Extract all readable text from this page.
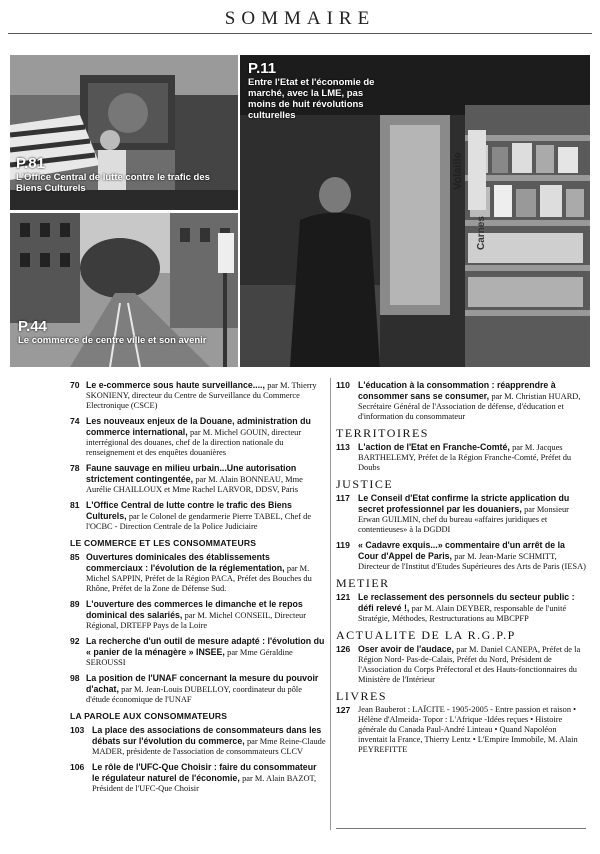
SOMMAIRE
P.81
L'Office Central de lutte contre le trafic des Biens Culturels	Volaille
Carnes
P.11
Entre l'Etat et l'économie de marché, avec la LME, pas moins de huit révolutions culturelles
P.44
Le commerce de centre ville et son avenir
70 Le e-commerce sous haute surveillance...., par M. Thierry SKONIENY, directeur du Centre de Surveillance du Commerce Electronique (CSCE)
74 Les nouveaux enjeux de la Douane, administration du commerce international, par M. Michel GOUIN, directeur interrégional des douanes, chef de la direction nationale du renseignement et des enquêtes douanières
78 Faune sauvage en milieu urbain...Une autorisation strictement contingentée, par M. Alain BONNEAU, Mme Aurélie CHAILLOUX et Mme Rachel LARVOR, DDSV, Paris
81 L'Office Central de lutte contre le trafic des Biens Culturels, par le Colonel de gendarmerie Pierre TABEL, Chef de l'OCBC - Direction Centrale de la Police Judiciaire
LE COMMERCE ET LES CONSOMMATEURS
85 Ouvertures dominicales des établissements commerciaux : l'évolution de la réglementation, par M. Michel SAPPIN, Préfet de la Région PACA, Préfet des Bouches du Rhône, Préfet de la Zone de Défense Sud.
89 L'ouverture des commerces le dimanche et le repos dominical des salariés, par M. Michel CONSEIL, Directeur Régional, DRTEFP Pays de la Loire
92 La recherche d'un outil de mesure adapté : l'évolution du « panier de la ménagère » INSEE, par Mme Géraldine SEROUSSI
98 La position de l'UNAF concernant la mesure du pouvoir d'achat, par M. Jean-Louis DUBELLOY, coordinateur du pôle d'étude économique de l'UNAF
LA PAROLE AUX CONSOMMATEURS
103 La place des associations de consommateurs dans les débats sur l'évolution du commerce, par Mme Reine-Claude MADER, présidente de l'association de consommateurs CLCV
106 Le rôle de l'UFC-Que Choisir : faire du consommateur le régulateur naturel de l'économie, par M. Alain BAZOT, Président de l'UFC-Que Choisir
110 L'éducation à la consommation : réapprendre à consommer sans se consumer, par M. Christian HUARD, Secrétaire Général de l'Association de défense, d'éducation et d'information du consommateur
TERRITOIRES
113 L'action de l'Etat en Franche-Comté, par M. Jacques BARTHELEMY, Préfet de la Région Franche-Comté, Préfet du Doubs
JUSTICE
117 Le Conseil d'Etat confirme la stricte application du secret professionnel par les douaniers, par Monsieur Erwan GUILMIN, chef du bureau «affaires juridiques et contentieuses» à la DGDDI
119 « Cadavre exquis...» commentaire d'un arrêt de la Cour d'Appel de Paris, par M. Jean-Marie SCHMITT, Directeur de l'Institut d'Etudes Supérieures des Arts de Paris (IESA)
METIER
121 Le reclassement des personnels du secteur public : défi relevé !, par M. Alain DEYBER, responsable de l'unité Stratégie, Méthodes, Restructurations au MBCPFP
ACTUALITE DE LA R.G.P.P
126 Oser avoir de l'audace, par M. Daniel CANEPA, Préfet de la Région Nord- Pas-de-Calais, Préfet du Nord, Président de l'Association du Corps Préfectoral et des Hauts-fonctionnaires du Ministère de l'Intérieur
LIVRES
127 Jean Bauberot : LAÏCITE - 1905-2005 - Entre passion et raison • Hélène d'Almeida- Topor : L'Afrique -Idées reçues • Histoire générale du Canada Paul-André Linteau • Quand Napoléon inventait la France, Thierry Lentz • L'Empire Immobile, M. Alain PEYREFITTE
